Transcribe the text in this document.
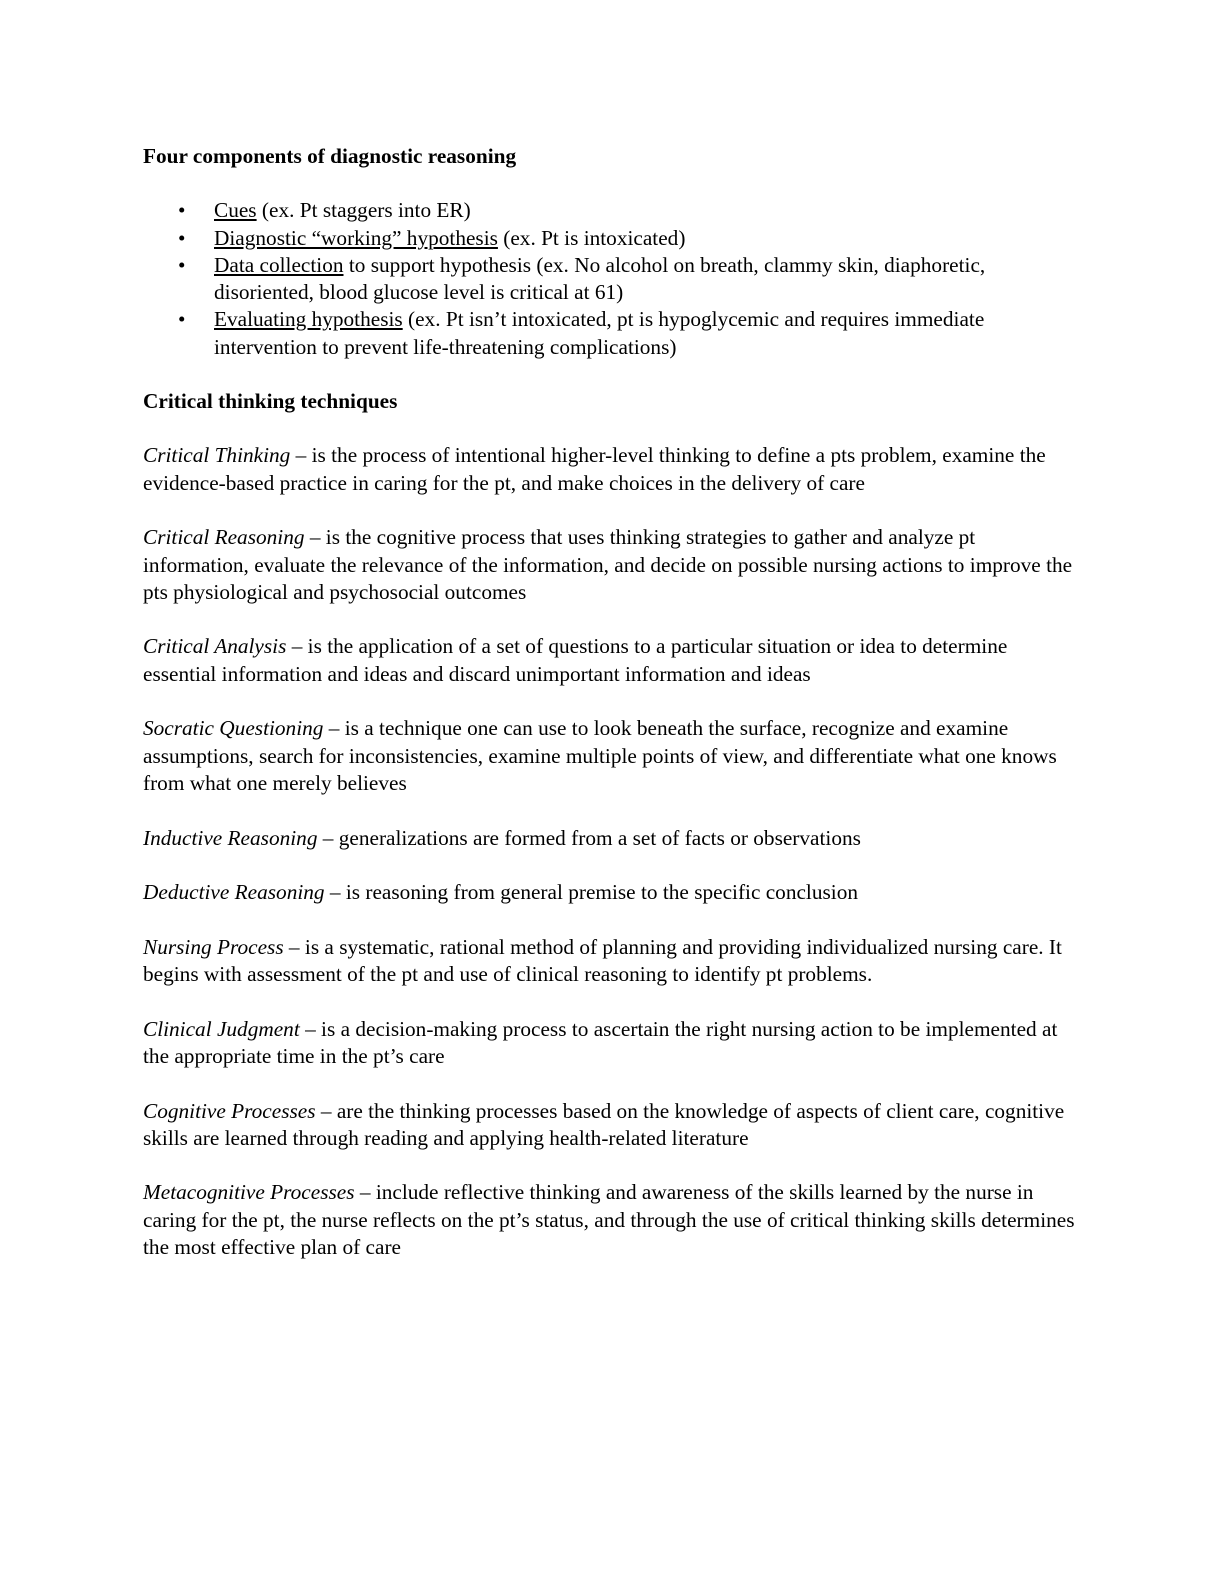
Four components of diagnostic reasoning
• Cues (ex. Pt staggers into ER)
• Diagnostic “working” hypothesis (ex. Pt is intoxicated)
• Data collection to support hypothesis (ex. No alcohol on breath, clammy skin, diaphoretic, disoriented, blood glucose level is critical at 61)
• Evaluating hypothesis (ex. Pt isn’t intoxicated, pt is hypoglycemic and requires immediate intervention to prevent life-threatening complications)
Critical thinking techniques

Critical Thinking – is the process of intentional higher-level thinking to define a pts problem, examine the evidence-based practice in caring for the pt, and make choices in the delivery of care

Critical Reasoning – is the cognitive process that uses thinking strategies to gather and analyze pt information, evaluate the relevance of the information, and decide on possible nursing actions to improve the pts physiological and psychosocial outcomes

Critical Analysis – is the application of a set of questions to a particular situation or idea to determine essential information and ideas and discard unimportant information and ideas

Socratic Questioning – is a technique one can use to look beneath the surface, recognize and examine assumptions, search for inconsistencies, examine multiple points of view, and differentiate what one knows from what one merely believes

Inductive Reasoning – generalizations are formed from a set of facts or observations

Deductive Reasoning – is reasoning from general premise to the specific conclusion

Nursing Process – is a systematic, rational method of planning and providing individualized nursing care. It begins with assessment of the pt and use of clinical reasoning to identify pt problems.

Clinical Judgment – is a decision-making process to ascertain the right nursing action to be implemented at the appropriate time in the pt’s care

Cognitive Processes – are the thinking processes based on the knowledge of aspects of client care, cognitive skills are learned through reading and applying health-related literature

Metacognitive Processes – include reflective thinking and awareness of the skills learned by the nurse in caring for the pt, the nurse reflects on the pt’s status, and through the use of critical thinking skills determines the most effective plan of care
